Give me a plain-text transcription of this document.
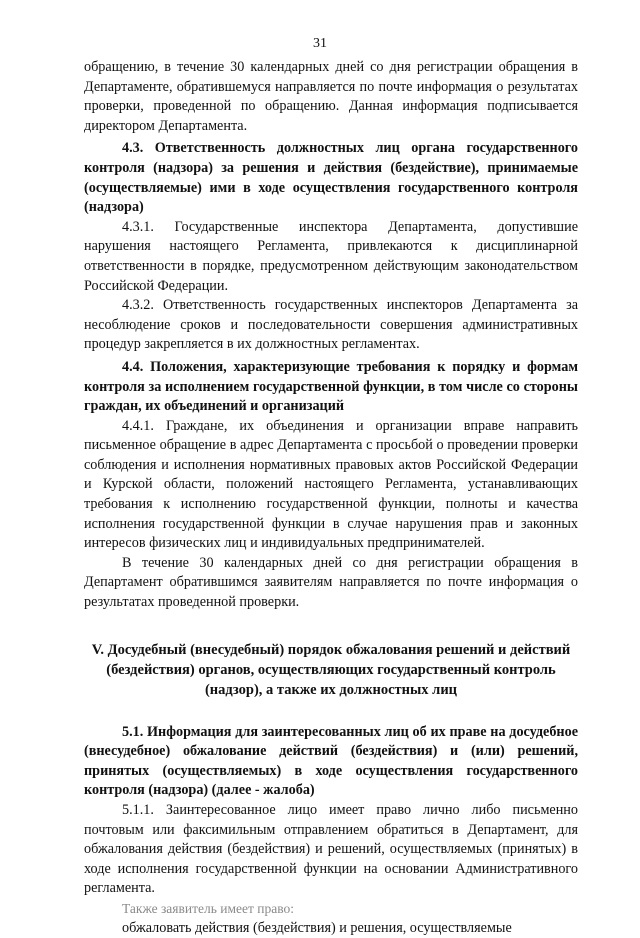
31

обращению, в течение 30 календарных дней со дня регистрации обращения в Департаменте, обратившемуся направляется по почте информация о результатах проверки, проведенной по обращению. Данная информация подписывается директором Департамента.

4.3. Ответственность должностных лиц органа государственного контроля (надзора) за решения и действия (бездействие), принимаемые (осуществляемые) ими в ходе осуществления государственного контроля (надзора)

4.3.1. Государственные инспектора Департамента, допустившие нарушения настоящего Регламента, привлекаются к дисциплинарной ответственности в порядке, предусмотренном действующим законодательством Российской Федерации.

4.3.2. Ответственность государственных инспекторов Департамента за несоблюдение сроков и последовательности совершения административных процедур закрепляется в их должностных регламентах.

4.4. Положения, характеризующие требования к порядку и формам контроля за исполнением государственной функции, в том числе со стороны граждан, их объединений и организаций

4.4.1. Граждане, их объединения и организации вправе направить письменное обращение в адрес Департамента с просьбой о проведении проверки соблюдения и исполнения нормативных правовых актов Российской Федерации и Курской области, положений настоящего Регламента, устанавливающих требования к исполнению государственной функции, полноты и качества исполнения государственной функции в случае нарушения прав и законных интересов физических лиц и индивидуальных предпринимателей.

В течение 30 календарных дней со дня регистрации обращения в Департамент обратившимся заявителям направляется по почте информация о результатах проведенной проверки.

V. Досудебный (внесудебный) порядок обжалования решений и действий (бездействия) органов, осуществляющих государственный контроль (надзор), а также их должностных лиц

5.1. Информация для заинтересованных лиц об их праве на досудебное (внесудебное) обжалование действий (бездействия) и (или) решений, принятых (осуществляемых) в ходе осуществления государственного контроля (надзора) (далее - жалоба)

5.1.1. Заинтересованное лицо имеет право лично либо письменно почтовым или факсимильным отправлением обратиться в Департамент, для обжалования действия (бездействия) и решений, осуществляемых (принятых) в ходе исполнения государственной функции на основании Административного регламента.

Также заявитель имеет право:

обжаловать действия (бездействия) и решения, осуществляемые
